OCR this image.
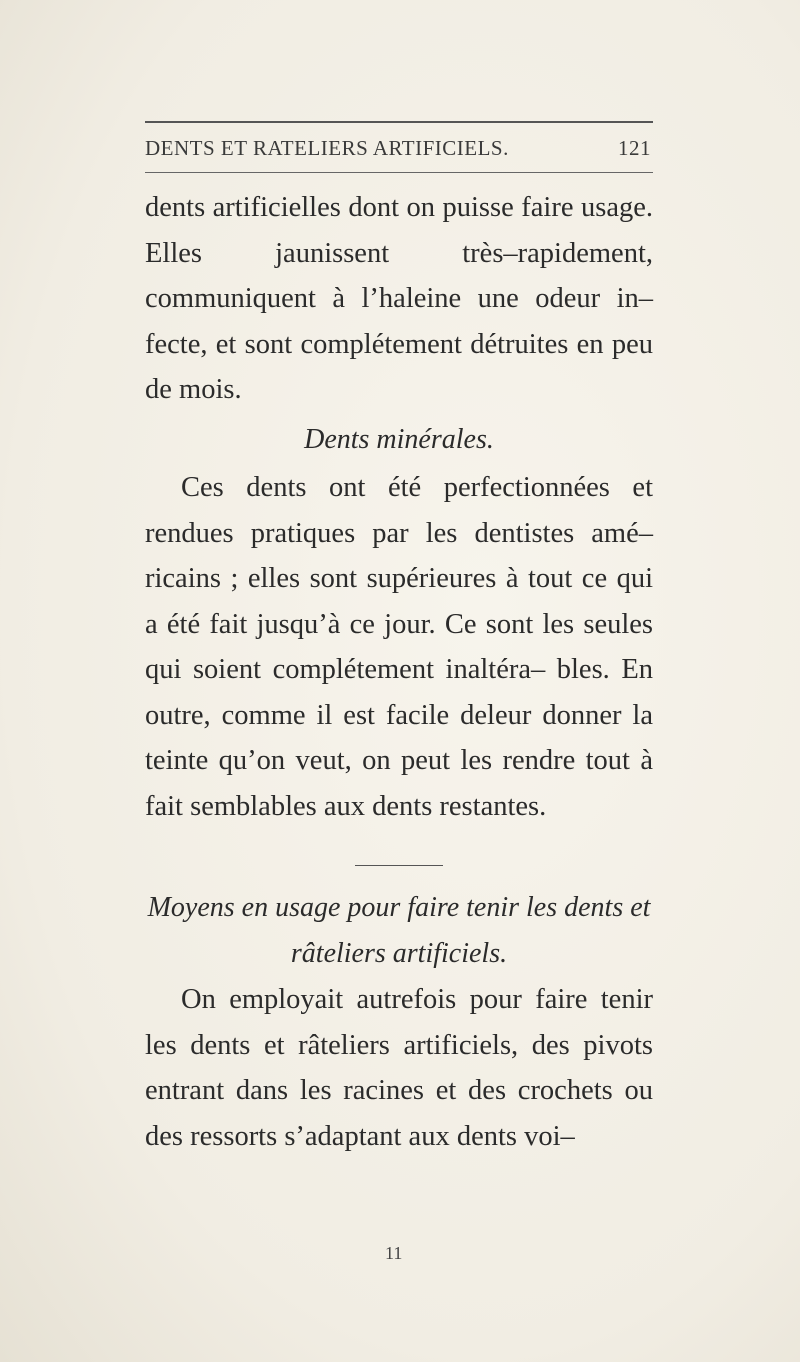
DENTS ET RATELIERS ARTIFICIELS.	121

dents artificielles dont on puisse faire usage. Elles jaunissent très–rapidement, communiquent à l’haleine une odeur in– fecte, et sont complétement détruites en peu de mois.

Dents minérales.

Ces dents ont été perfectionnées et rendues pratiques par les dentistes amé– ricains ; elles sont supérieures à tout ce qui a été fait jusqu’à ce jour. Ce sont les seules qui soient complétement inaltéra– bles. En outre, comme il est facile deleur donner la teinte qu’on veut, on peut les rendre tout à fait semblables aux dents restantes.

Moyens en usage pour faire tenir les dents et râteliers artificiels.

On employait autrefois pour faire tenir les dents et râteliers artificiels, des pivots entrant dans les racines et des crochets ou des ressorts s’adaptant aux dents voi–

11
